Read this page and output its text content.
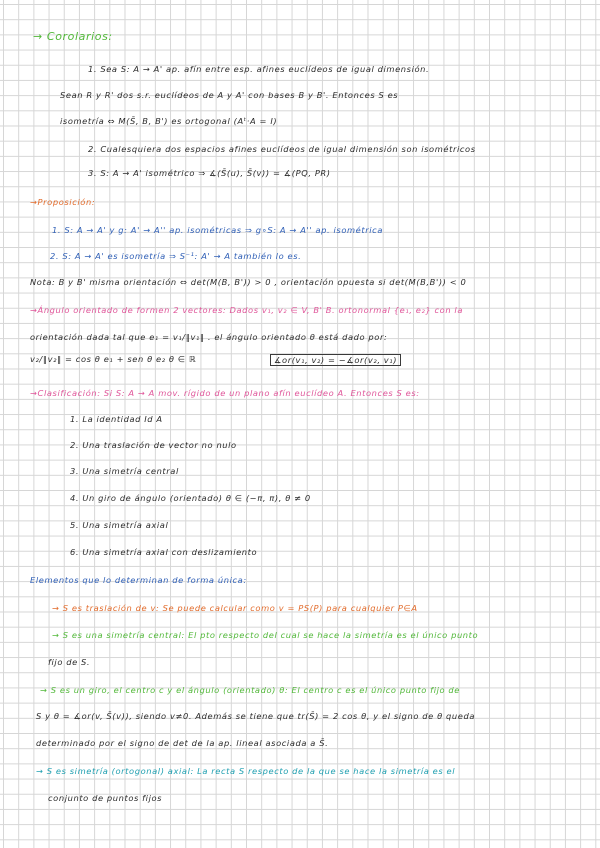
→ Corolarios:
1. Sea S: A → A' ap. afín entre esp. afines euclídeos de igual dimensión.
Sean R y R' dos s.r. euclídeos de A y A' con bases B y B'. Entonces S es
isometría ⇔ M(S̄, B, B') es ortogonal (Aᵗ·A = I)
2. Cualesquiera dos espacios afines euclídeos de igual dimensión son isométricos
3. S: A → A' isométrico ⇒ ∡(S̄(u), S̄(v)) = ∡(PQ, PR)
→Proposición:
1. S: A → A' y g: A' → A'' ap. isométricas ⇒ g∘S: A → A'' ap. isométrica
2. S: A → A' es isometría ⇒ S⁻¹: A' → A también lo es.
Nota: B y B' misma orientación ⇔ det(M(B, B')) > 0 , orientación opuesta si det(M(B,B')) < 0
→Ángulo orientado de formen 2 vectores: Dados v₁, v₂ ∈ V, B' B. ortonormal {e₁, e₂} con la
orientación dada tal que e₁ = v₁/‖v₁‖ . el ángulo orientado θ está dado por:
v₂/‖v₂‖ = cos θ e₁ + sen θ e₂ θ ∈ ℝ	∡or(v₁, v₂) = −∡or(v₂, v₁)
→Clasificación: Si S: A → A mov. rígido de un plano afín euclídeo A. Entonces S es:
1. La identidad Id A
2. Una traslación de vector no nulo
3. Una simetría central
4. Un giro de ángulo (orientado) θ ∈ (−π, π), θ ≠ 0
5. Una simetría axial
6. Una simetría axial con deslizamiento
Elementos que lo determinan de forma única:
→ S es traslación de v: Se puede calcular como v = PS(P) para cualquier P∈A
→ S es una simetría central: El pto respecto del cual se hace la simetría es el único punto
fijo de S.
→ S es un giro, el centro c y el ángulo (orientado) θ: El centro c es el único punto fijo de
S y θ = ∡or(v, S̄(v)), siendo v≠0. Además se tiene que tr(S̄) = 2 cos θ, y el signo de θ queda
determinado por el signo de det de la ap. lineal asociada a S̄.
→ S es simetría (ortogonal) axial: La recta S respecto de la que se hace la simetría es el
conjunto de puntos fijos
